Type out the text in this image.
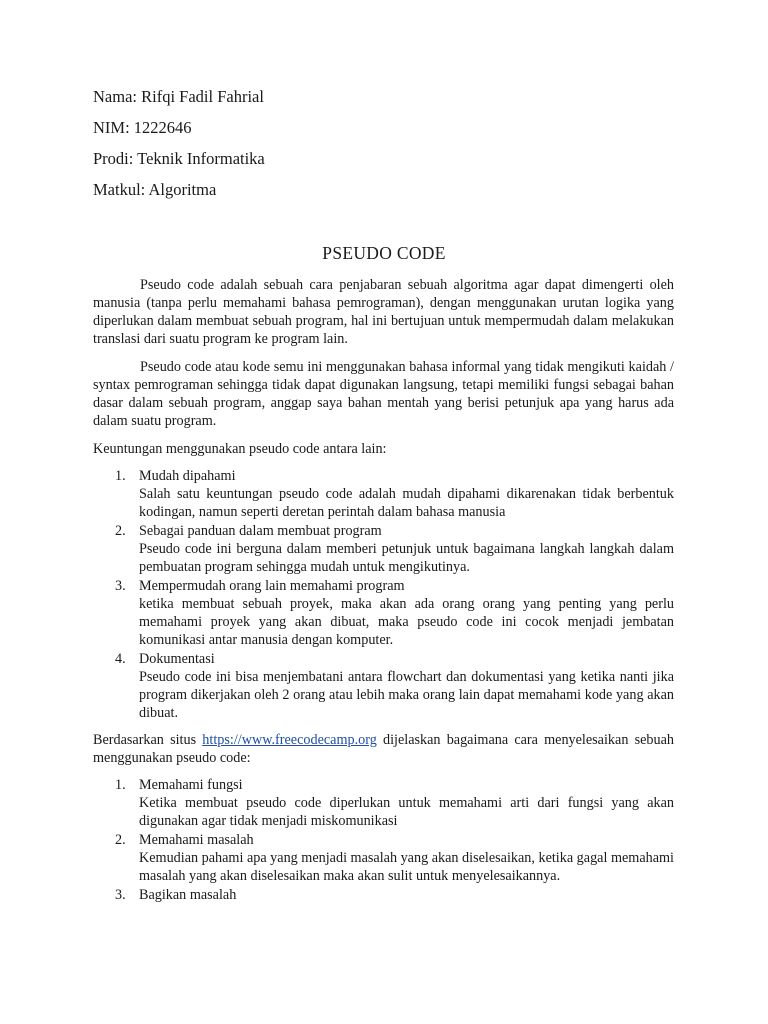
Nama: Rifqi Fadil Fahrial
NIM: 1222646
Prodi: Teknik Informatika
Matkul: Algoritma
PSEUDO CODE

Pseudo code adalah sebuah cara penjabaran sebuah algoritma agar dapat dimengerti oleh manusia (tanpa perlu memahami bahasa pemrograman), dengan menggunakan urutan logika yang diperlukan dalam membuat sebuah program, hal ini bertujuan untuk mempermudah dalam melakukan translasi dari suatu program ke program lain.

Pseudo code atau kode semu ini menggunakan bahasa informal yang tidak mengikuti kaidah / syntax pemrograman sehingga tidak dapat digunakan langsung, tetapi memiliki fungsi sebagai bahan dasar dalam sebuah program, anggap saya bahan mentah yang berisi petunjuk apa yang harus ada dalam suatu program.

Keuntungan menggunakan pseudo code antara lain:

1. Mudah dipahami
Salah satu keuntungan pseudo code adalah mudah dipahami dikarenakan tidak berbentuk kodingan, namun seperti deretan perintah dalam bahasa manusia
2. Sebagai panduan dalam membuat program
Pseudo code ini berguna dalam memberi petunjuk untuk bagaimana langkah langkah dalam pembuatan program sehingga mudah untuk mengikutinya.
3. Mempermudah orang lain memahami program
ketika membuat sebuah proyek, maka akan ada orang orang yang penting yang perlu memahami proyek yang akan dibuat, maka pseudo code ini cocok menjadi jembatan komunikasi antar manusia dengan komputer.
4. Dokumentasi
Pseudo code ini bisa menjembatani antara flowchart dan dokumentasi yang ketika nanti jika program dikerjakan oleh 2 orang atau lebih maka orang lain dapat memahami kode yang akan dibuat.

Berdasarkan situs https://www.freecodecamp.org dijelaskan bagaimana cara menyelesaikan sebuah menggunakan pseudo code:

1. Memahami fungsi
Ketika membuat pseudo code diperlukan untuk memahami arti dari fungsi yang akan digunakan agar tidak menjadi miskomunikasi
2. Memahami masalah
Kemudian pahami apa yang menjadi masalah yang akan diselesaikan, ketika gagal memahami masalah yang akan diselesaikan maka akan sulit untuk menyelesaikannya.
3. Bagikan masalah
